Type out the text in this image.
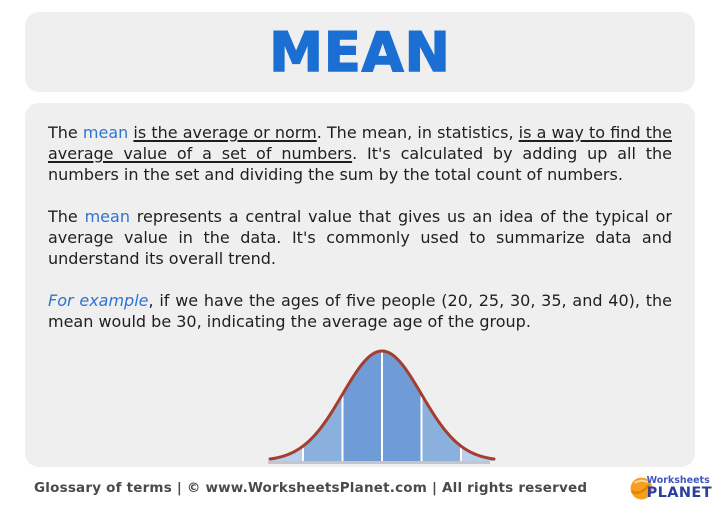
MEAN

The mean is the average or norm. The mean, in statistics, is a way to find the average value of a set of numbers. It's calculated by adding up all the numbers in the set and dividing the sum by the total count of numbers.

The mean represents a central value that gives us an idea of the typical or average value in the data. It's commonly used to summarize data and understand its overall trend.

For example, if we have the ages of five people (20, 25, 30, 35, and 40), the mean would be 30, indicating the average age of the group.

Glossary of terms | © www.WorksheetsPlanet.com | All rights reserved	Worksheets
PLANET
